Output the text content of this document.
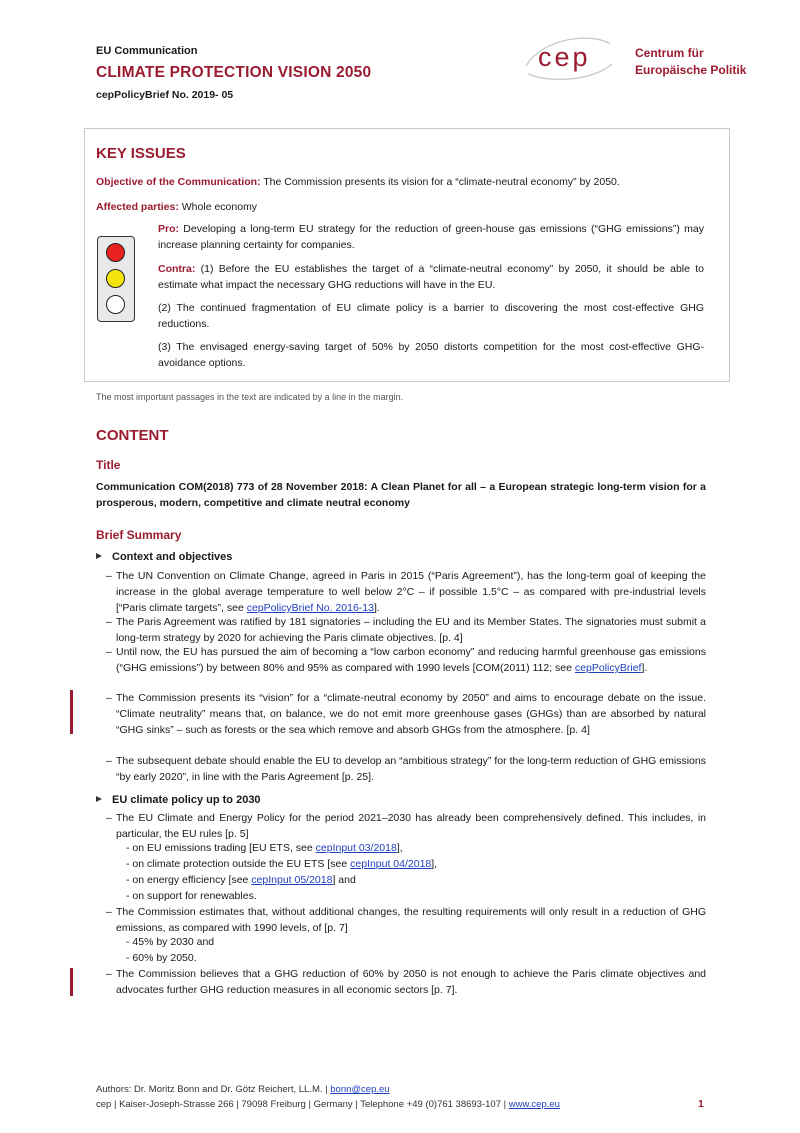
EU Communication
CLIMATE PROTECTION VISION 2050
cepPolicyBrief No. 2019- 05
cep	Centrum für
Europäische Politik
KEY ISSUES
Objective of the Communication: The Commission presents its vision for a “climate-neutral economy” by 2050.
Affected parties: Whole economy
Pro: Developing a long-term EU strategy for the reduction of green-house gas emissions (“GHG emissions”) may increase planning certainty for companies.
Contra: (1) Before the EU establishes the target of a “climate-neutral economy” by 2050, it should be able to estimate what impact the necessary GHG reductions will have in the EU.
(2) The continued fragmentation of EU climate policy is a barrier to discovering the most cost-effective GHG reductions.
(3) The envisaged energy-saving target of 50% by 2050 distorts competition for the most cost-effective GHG-avoidance options.
The most important passages in the text are indicated by a line in the margin.
CONTENT
Title
Communication COM(2018) 773 of 28 November 2018: A Clean Planet for all – a European strategic long-term vision for a prosperous, modern, competitive and climate neutral economy
Brief Summary
Context and objectives
– The UN Convention on Climate Change, agreed in Paris in 2015 (“Paris Agreement”), has the long-term goal of keeping the increase in the global average temperature to well below 2°C – if possible 1.5°C – as compared with pre-industrial levels [“Paris climate targets”, see cepPolicyBrief No. 2016-13].
– The Paris Agreement was ratified by 181 signatories – including the EU and its Member States. The signatories must submit a long-term strategy by 2020 for achieving the Paris climate objectives. [p. 4]
– Until now, the EU has pursued the aim of becoming a “low carbon economy” and reducing harmful greenhouse gas emissions (“GHG emissions”) by between 80% and 95% as compared with 1990 levels [COM(2011) 112; see cepPolicyBrief].
– The Commission presents its “vision” for a “climate-neutral economy by 2050” and aims to encourage debate on the issue. “Climate neutrality” means that, on balance, we do not emit more greenhouse gases (GHGs) than are absorbed by natural “GHG sinks” – such as forests or the sea which remove and absorb GHGs from the atmosphere. [p. 4]
– The subsequent debate should enable the EU to develop an “ambitious strategy” for the long-term reduction of GHG emissions “by early 2020”, in line with the Paris Agreement [p. 25].
EU climate policy up to 2030
– The EU Climate and Energy Policy for the period 2021–2030 has already been comprehensively defined. This includes, in particular, the EU rules [p. 5]
- on EU emissions trading [EU ETS, see cepInput 03/2018],
- on climate protection outside the EU ETS [see cepInput 04/2018],
- on energy efficiency [see cepInput 05/2018] and
- on support for renewables.
– The Commission estimates that, without additional changes, the resulting requirements will only result in a reduction of GHG emissions, as compared with 1990 levels, of [p. 7]
- 45% by 2030 and
- 60% by 2050.
– The Commission believes that a GHG reduction of 60% by 2050 is not enough to achieve the Paris climate objectives and advocates further GHG reduction measures in all economic sectors [p. 7].
Authors: Dr. Moritz Bonn and Dr. Götz Reichert, LL.M. | bonn@cep.eu
cep | Kaiser-Joseph-Strasse 266 | 79098 Freiburg | Germany | Telephone +49 (0)761 38693-107 | www.cep.eu	1
